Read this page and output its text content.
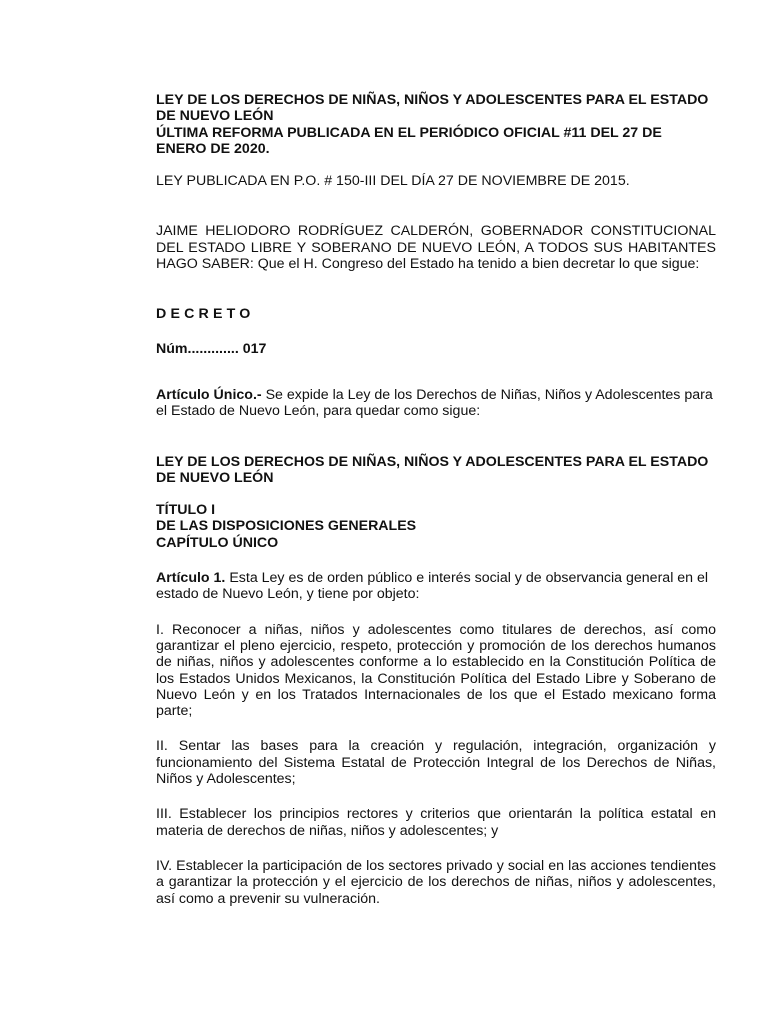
LEY DE LOS DERECHOS DE NIÑAS, NIÑOS Y ADOLESCENTES PARA EL ESTADO DE NUEVO LEÓN

ÚLTIMA REFORMA PUBLICADA EN EL PERIÓDICO OFICIAL #11 DEL 27 DE ENERO DE 2020.

LEY PUBLICADA EN P.O. # 150-III DEL DÍA 27 DE NOVIEMBRE DE 2015.

JAIME HELIODORO RODRÍGUEZ CALDERÓN, GOBERNADOR CONSTITUCIONAL DEL ESTADO LIBRE Y SOBERANO DE NUEVO LEÓN, A TODOS SUS HABITANTES HAGO SABER: Que el H. Congreso del Estado ha tenido a bien decretar lo que sigue:

DECRETO

Núm............. 017

Artículo Único.- Se expide la Ley de los Derechos de Niñas, Niños y Adolescentes para el Estado de Nuevo León, para quedar como sigue:

LEY DE LOS DERECHOS DE NIÑAS, NIÑOS Y ADOLESCENTES PARA EL ESTADO DE NUEVO LEÓN

TÍTULO I

DE LAS DISPOSICIONES GENERALES

CAPÍTULO ÚNICO

Artículo 1. Esta Ley es de orden público e interés social y de observancia general en el estado de Nuevo León, y tiene por objeto:

I. Reconocer a niñas, niños y adolescentes como titulares de derechos, así como garantizar el pleno ejercicio, respeto, protección y promoción de los derechos humanos de niñas, niños y adolescentes conforme a lo establecido en la Constitución Política de los Estados Unidos Mexicanos, la Constitución Política del Estado Libre y Soberano de Nuevo León y en los Tratados Internacionales de los que el Estado mexicano forma parte;

II. Sentar las bases para la creación y regulación, integración, organización y funcionamiento del Sistema Estatal de Protección Integral de los Derechos de Niñas, Niños y Adolescentes;

III. Establecer los principios rectores y criterios que orientarán la política estatal en materia de derechos de niñas, niños y adolescentes; y

IV. Establecer la participación de los sectores privado y social en las acciones tendientes a garantizar la protección y el ejercicio de los derechos de niñas, niños y adolescentes, así como a prevenir su vulneración.
